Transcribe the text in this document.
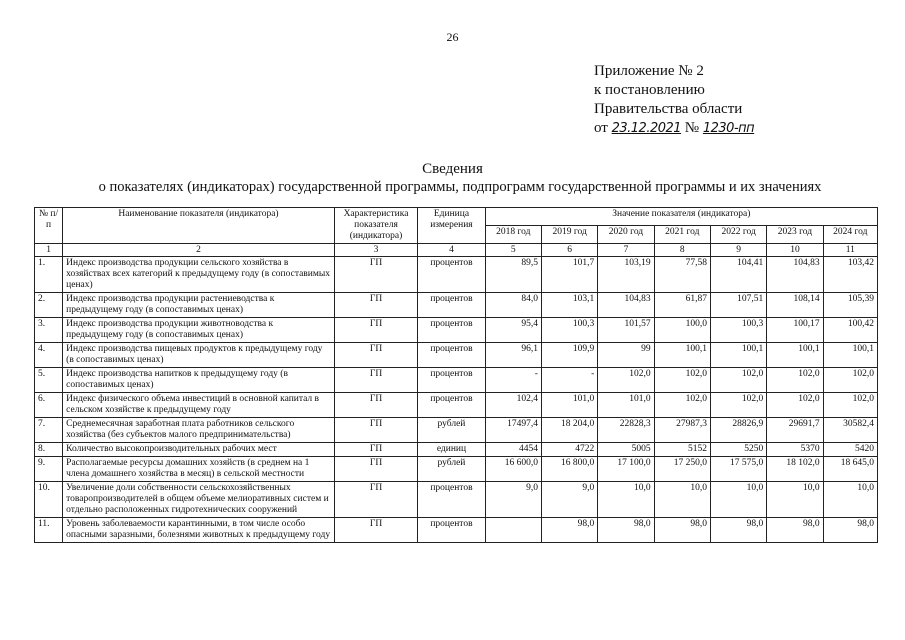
26
Приложение № 2
к постановлению
Правительства области
от 23.12.2021 № 1230-пп
Сведения
о показателях (индикаторах) государственной программы, подпрограмм государственной программы и их значениях
№ п/п	Наименование показателя (индикатора)	Характеристика показателя (индикатора)	Единица измерения	Значение показателя (индикатора)						
				2018 год	2019 год	2020 год	2021 год	2022 год	2023 год	2024 год
1	2	3	4	5	6	7	8	9	10	11
1.	Индекс производства продукции сельского хозяйства в хозяйствах всех категорий к предыдущему году (в сопоставимых ценах)	ГП	процентов	89,5	101,7	103,19	77,58	104,41	104,83	103,42
2.	Индекс производства продукции растениеводства к предыдущему году (в сопоставимых ценах)	ГП	процентов	84,0	103,1	104,83	61,87	107,51	108,14	105,39
3.	Индекс производства продукции животноводства к предыдущему году (в сопоставимых ценах)	ГП	процентов	95,4	100,3	101,57	100,0	100,3	100,17	100,42
4.	Индекс производства пищевых продуктов к предыдущему году (в сопоставимых ценах)	ГП	процентов	96,1	109,9	99	100,1	100,1	100,1	100,1
5.	Индекс производства напитков к предыдущему году (в сопоставимых ценах)	ГП	процентов	-	-	102,0	102,0	102,0	102,0	102,0
6.	Индекс физического объема инвестиций в основной капитал в сельском хозяйстве к предыдущему году	ГП	процентов	102,4	101,0	101,0	102,0	102,0	102,0	102,0
7.	Среднемесячная заработная плата работников сельского хозяйства (без субъектов малого предпринимательства)	ГП	рублей	17497,4	18 204,0	22828,3	27987,3	28826,9	29691,7	30582,4
8.	Количество высокопроизводительных рабочих мест	ГП	единиц	4454	4722	5005	5152	5250	5370	5420
9.	Располагаемые ресурсы домашних хозяйств (в среднем на 1 члена домашнего хозяйства в месяц) в сельской местности	ГП	рублей	16 600,0	16 800,0	17 100,0	17 250,0	17 575,0	18 102,0	18 645,0
10.	Увеличение доли собственности сельскохозяйственных товаропроизводителей в общем объеме мелиоративных систем и отдельно расположенных гидротехнических сооружений	ГП	процентов	9,0	9,0	10,0	10,0	10,0	10,0	10,0
11.	Уровень заболеваемости карантинными, в том числе особо опасными заразными, болезнями животных к предыдущему году	ГП	процентов		98,0	98,0	98,0	98,0	98,0	98,0
